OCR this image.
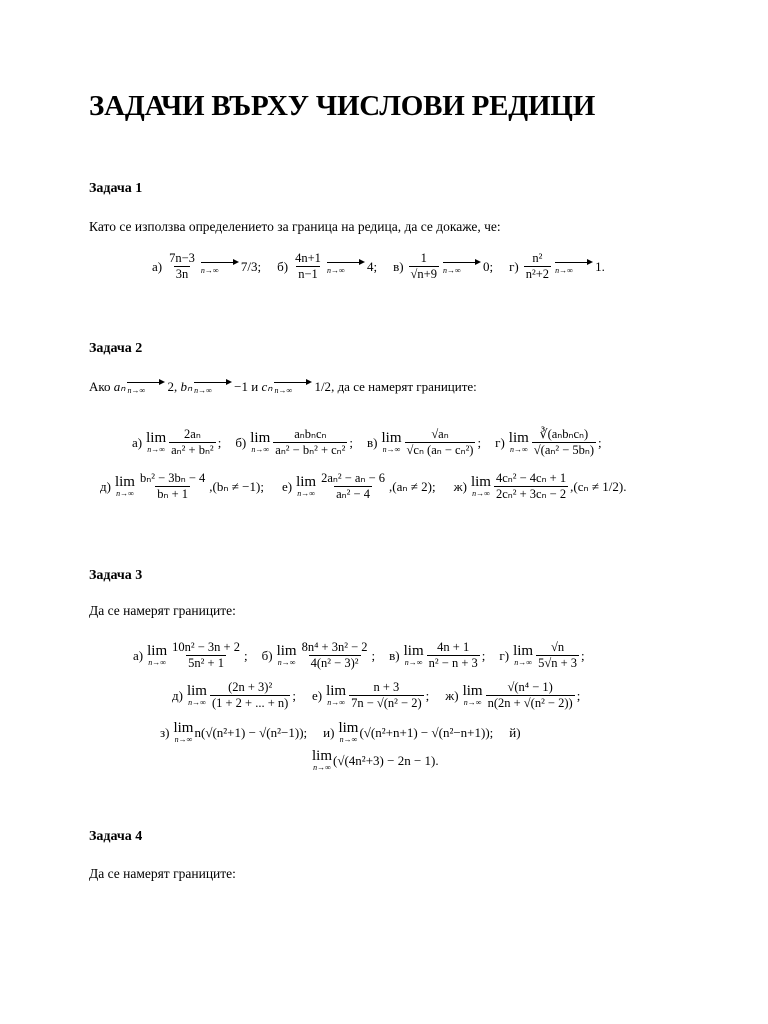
ЗАДАЧИ ВЪРХУ ЧИСЛОВИ РЕДИЦИ
Задача 1
Като се използва определението за граница на редица, да се докаже, че:
$а) \frac{7n-3}{3n} n\to\infty$ 7/3 ; $б) \frac{4n+1}{n-1} n\to\infty$ 4 ; $в) \frac{1}{√n+9} n\to\infty$ 0 ; $г) \frac{\text{n²}}{\text{n²+2}} n\to\infty$ 1 .
Задача 2
Ако
aₙ n→∞ 2 , bₙ n→∞ −1
и
cₙ n→∞ 1/2 , да се намерят границите:
а) lim
$n\to\infty \frac{\text{2aₙ}}{\text{aₙ² + bₙ²}}$ ; б) lim
$n\to\infty \frac{\text{aₙbₙcₙ}}{\text{aₙ² − bₙ² + cₙ²}}$ ; в) lim
$n\to\infty \frac{\text{√aₙ}}{\text{√cₙ (aₙ − cₙ²)}}$ ; г) lim
$n\to\infty \frac{\text{∛(aₙbₙcₙ)}}{\text{√(aₙ² − 5bₙ)}}$ ;
д) lim
$n\to\infty \frac{\text{bₙ² − 3bₙ − 4}}{\text{bₙ + 1}} ,(b_n \ne -1)$ ; е) lim
$n\to\infty \frac{\text{2aₙ² − aₙ − 6}}{\text{aₙ² − 4}} ,(a_n \ne 2)$ ; ж) lim
$n\to\infty \frac{\text{4cₙ² − 4cₙ + 1}}{\text{2cₙ² + 3cₙ − 2}} ,(c_n \ne 1/2)$ .
Задача 3
Да се намерят границите:
а) lim
$n\to\infty \frac{\text{10n² − 3n + 2}}{\text{5n² + 1}}$ ; б) lim
$n\to\infty \frac{\text{8n⁴ + 3n² − 2}}{\text{4(n² − 3)²}}$ ; в) lim
$n\to\infty \frac{4n + 1}{\text{n² − n + 3}}$ ; г) lim
$n\to\infty \frac{√n}{5√n + 3}$ ;
д) lim
$n\to\infty \frac{\text{(2n + 3)²}}{(1 + 2 + ... + n)}$ ; е) lim
$n\to\infty \frac{n + 3}{\text{7n − √(n² − 2)}}$ ; ж) lim
$n\to\infty \frac{\text{√(n⁴ − 1)}}{\text{n(2n + √(n² − 2))}}$ ;
з) lim
n→∞ n(√(n²+1) − √(n²−1)) ; и) lim
n→∞ (√(n²+n+1) − √(n²−n+1)) ; й)
lim
n→∞ (√(4n²+3) − 2n − 1) .
Задача 4
Да се намерят границите:
